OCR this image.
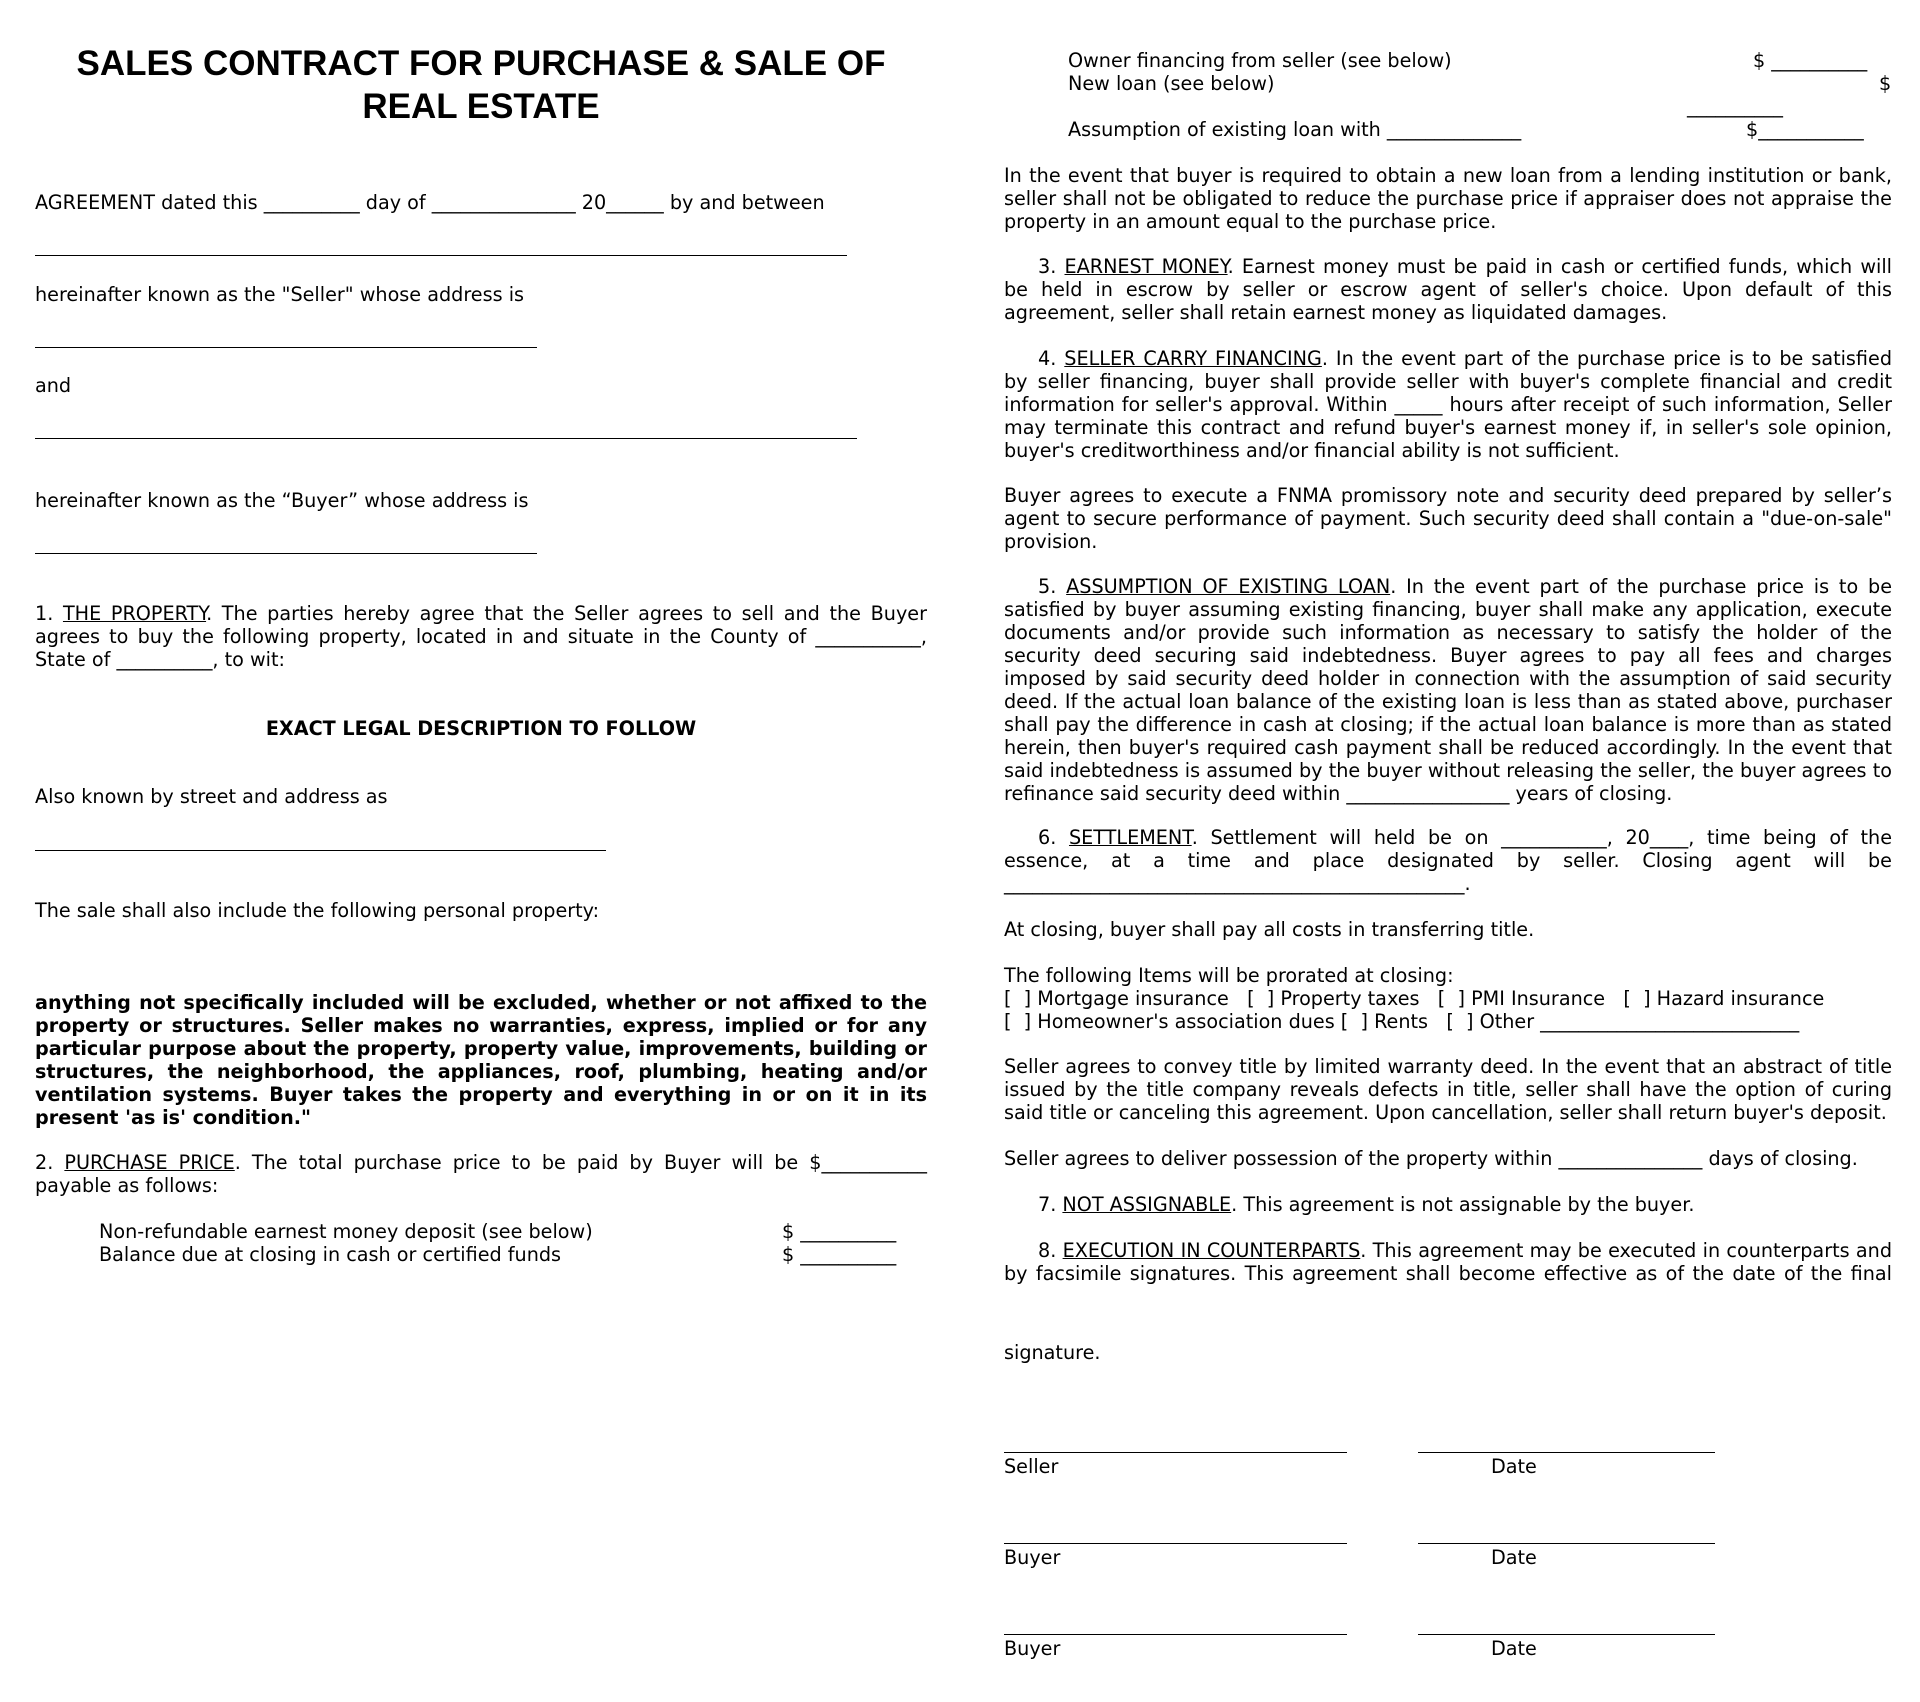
SALES CONTRACT FOR PURCHASE & SALE OF
REAL ESTATE
AGREEMENT dated this __________ day of _______________ 20______ by and between
hereinafter known as the "Seller" whose address is
and
hereinafter known as the “Buyer” whose address is
1. THE PROPERTY. The parties hereby agree that the Seller agrees to sell and the Buyer agrees to buy the following property, located in and situate in the County of ___________, State of __________, to wit:
EXACT LEGAL DESCRIPTION TO FOLLOW
Also known by street and address as
The sale shall also include the following personal property:
anything not specifically included will be excluded, whether or not affixed to the property or structures. Seller makes no warranties, express, implied or for any particular purpose about the property, property value, improvements, building or structures, the neighborhood, the appliances, roof, plumbing, heating and/or ventilation systems. Buyer takes the property and everything in or on it in its present 'as is' condition."
2. PURCHASE PRICE. The total purchase price to be paid by Buyer will be $___________ payable as follows:
Non-refundable earnest money deposit (see below)	$ __________
Balance due at closing in cash or certified funds	$ __________
Owner financing from seller (see below)	$ __________
New loan (see below)	$
__________
Assumption of existing loan with ______________	$___________
In the event that buyer is required to obtain a new loan from a lending institution or bank, seller shall not be obligated to reduce the purchase price if appraiser does not appraise the property in an amount equal to the purchase price.
3. EARNEST MONEY. Earnest money must be paid in cash or certified funds, which will be held in escrow by seller or escrow agent of seller's choice. Upon default of this agreement, seller shall retain earnest money as liquidated damages.
4. SELLER CARRY FINANCING. In the event part of the purchase price is to be satisfied by seller financing, buyer shall provide seller with buyer's complete financial and credit information for seller's approval. Within _____ hours after receipt of such information, Seller may terminate this contract and refund buyer's earnest money if, in seller's sole opinion, buyer's creditworthiness and/or financial ability is not sufficient.
Buyer agrees to execute a FNMA promissory note and security deed prepared by seller’s agent to secure performance of payment. Such security deed shall contain a "due-on-sale" provision.
5. ASSUMPTION OF EXISTING LOAN. In the event part of the purchase price is to be satisfied by buyer assuming existing financing, buyer shall make any application, execute documents and/or provide such information as necessary to satisfy the holder of the security deed securing said indebtedness. Buyer agrees to pay all fees and charges imposed by said security deed holder in connection with the assumption of said security deed. If the actual loan balance of the existing loan is less than as stated above, purchaser shall pay the difference in cash at closing; if the actual loan balance is more than as stated herein, then buyer's required cash payment shall be reduced accordingly. In the event that said indebtedness is assumed by the buyer without releasing the seller, the buyer agrees to refinance said security deed within _________________ years of closing.
6. SETTLEMENT. Settlement will held be on ___________, 20____, time being of the essence, at a time and place designated by seller. Closing agent will be ________________________________________________.
At closing, buyer shall pay all costs in transferring title.
The following Items will be prorated at closing:
[  ] Mortgage insurance   [  ] Property taxes   [  ] PMI Insurance   [  ] Hazard insurance
[  ] Homeowner's association dues [  ] Rents   [  ] Other ___________________________
Seller agrees to convey title by limited warranty deed. In the event that an abstract of title issued by the title company reveals defects in title, seller shall have the option of curing said title or canceling this agreement. Upon cancellation, seller shall return buyer's deposit.
Seller agrees to deliver possession of the property within _______________ days of closing.
7. NOT ASSIGNABLE. This agreement is not assignable by the buyer.
8. EXECUTION IN COUNTERPARTS. This agreement may be executed in counterparts and by facsimile signatures. This agreement shall become effective as of the date of the final
signature.
Seller	Date
Buyer	Date
Buyer	Date
